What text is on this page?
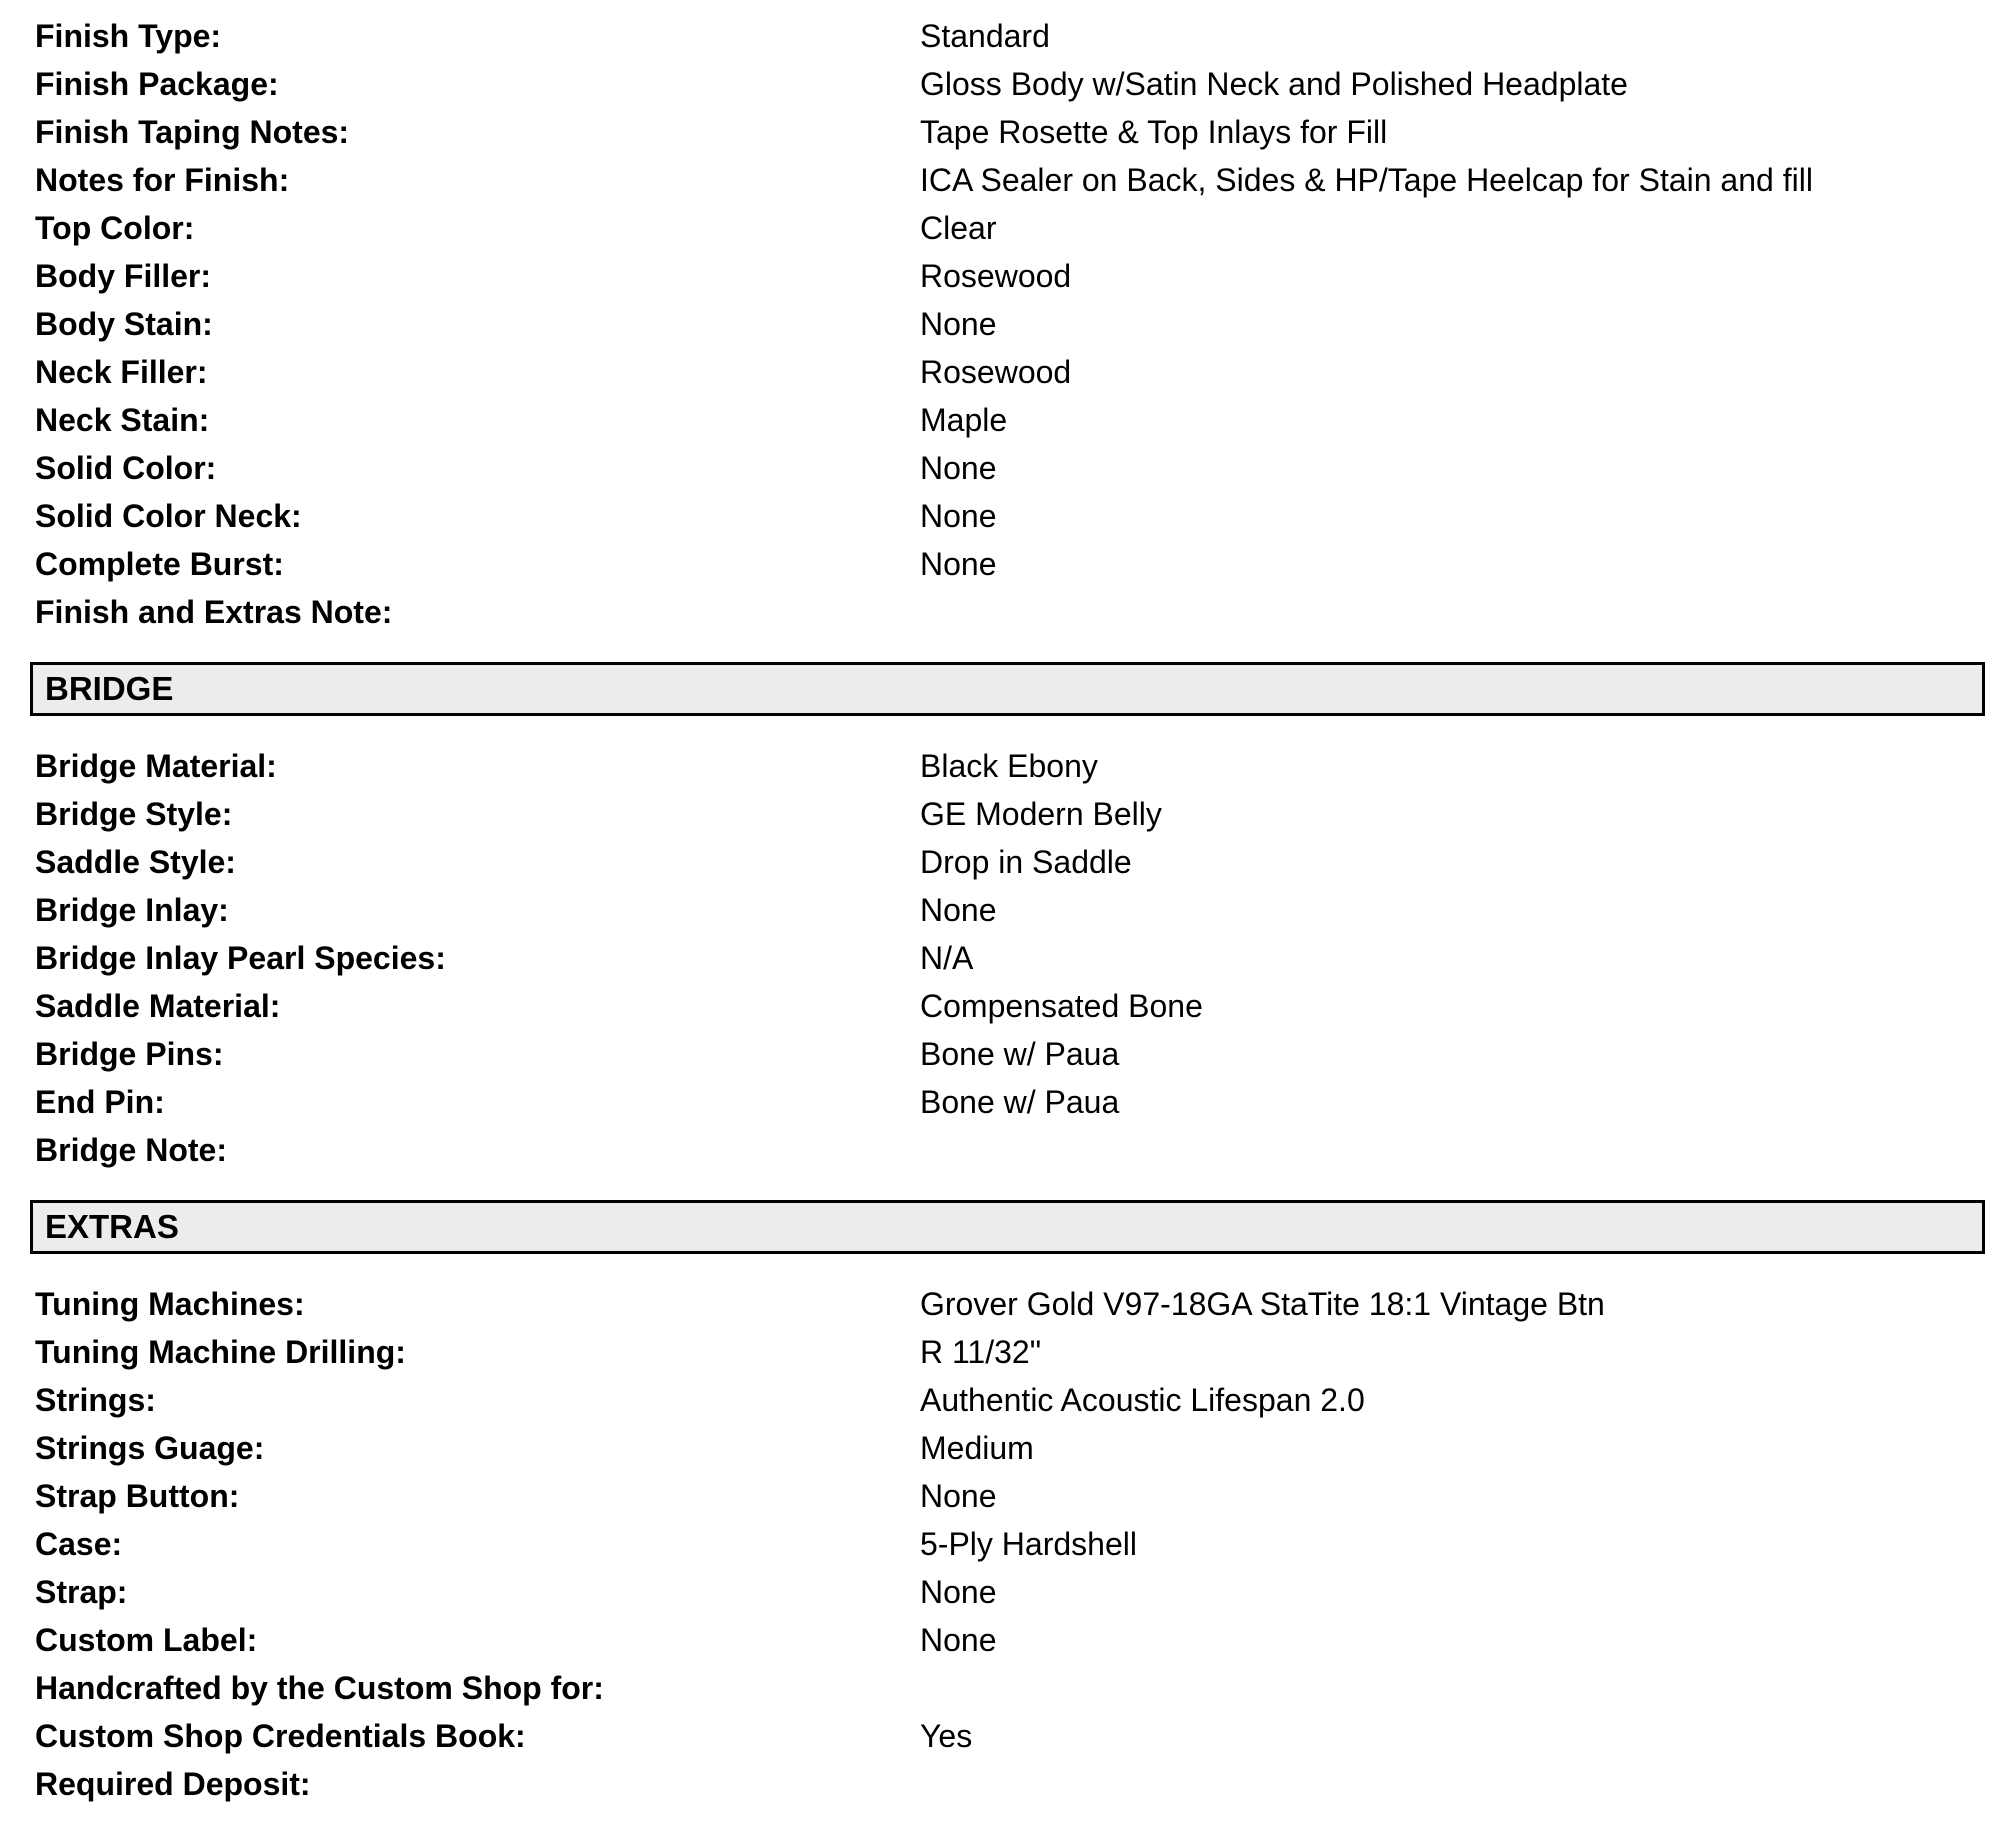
Finish Type:	Standard
Finish Package:	Gloss Body w/Satin Neck and Polished Headplate
Finish Taping Notes:	Tape Rosette & Top Inlays for Fill
Notes for Finish:	ICA Sealer on Back, Sides & HP/Tape Heelcap for Stain and fill
Top Color:	Clear
Body Filler:	Rosewood
Body Stain:	None
Neck Filler:	Rosewood
Neck Stain:	Maple
Solid Color:	None
Solid Color Neck:	None
Complete Burst:	None
Finish and Extras Note:
BRIDGE
Bridge Material:	Black Ebony
Bridge Style:	GE Modern Belly
Saddle Style:	Drop in Saddle
Bridge Inlay:	None
Bridge Inlay Pearl Species:	N/A
Saddle Material:	Compensated Bone
Bridge Pins:	Bone w/ Paua
End Pin:	Bone w/ Paua
Bridge Note:
EXTRAS
Tuning Machines:	Grover Gold V97-18GA StaTite 18:1 Vintage Btn
Tuning Machine Drilling:	R 11/32"
Strings:	Authentic Acoustic Lifespan 2.0
Strings Guage:	Medium
Strap Button:	None
Case:	5-Ply Hardshell
Strap:	None
Custom Label:	None
Handcrafted by the Custom Shop for:
Custom Shop Credentials Book:	Yes
Required Deposit:
